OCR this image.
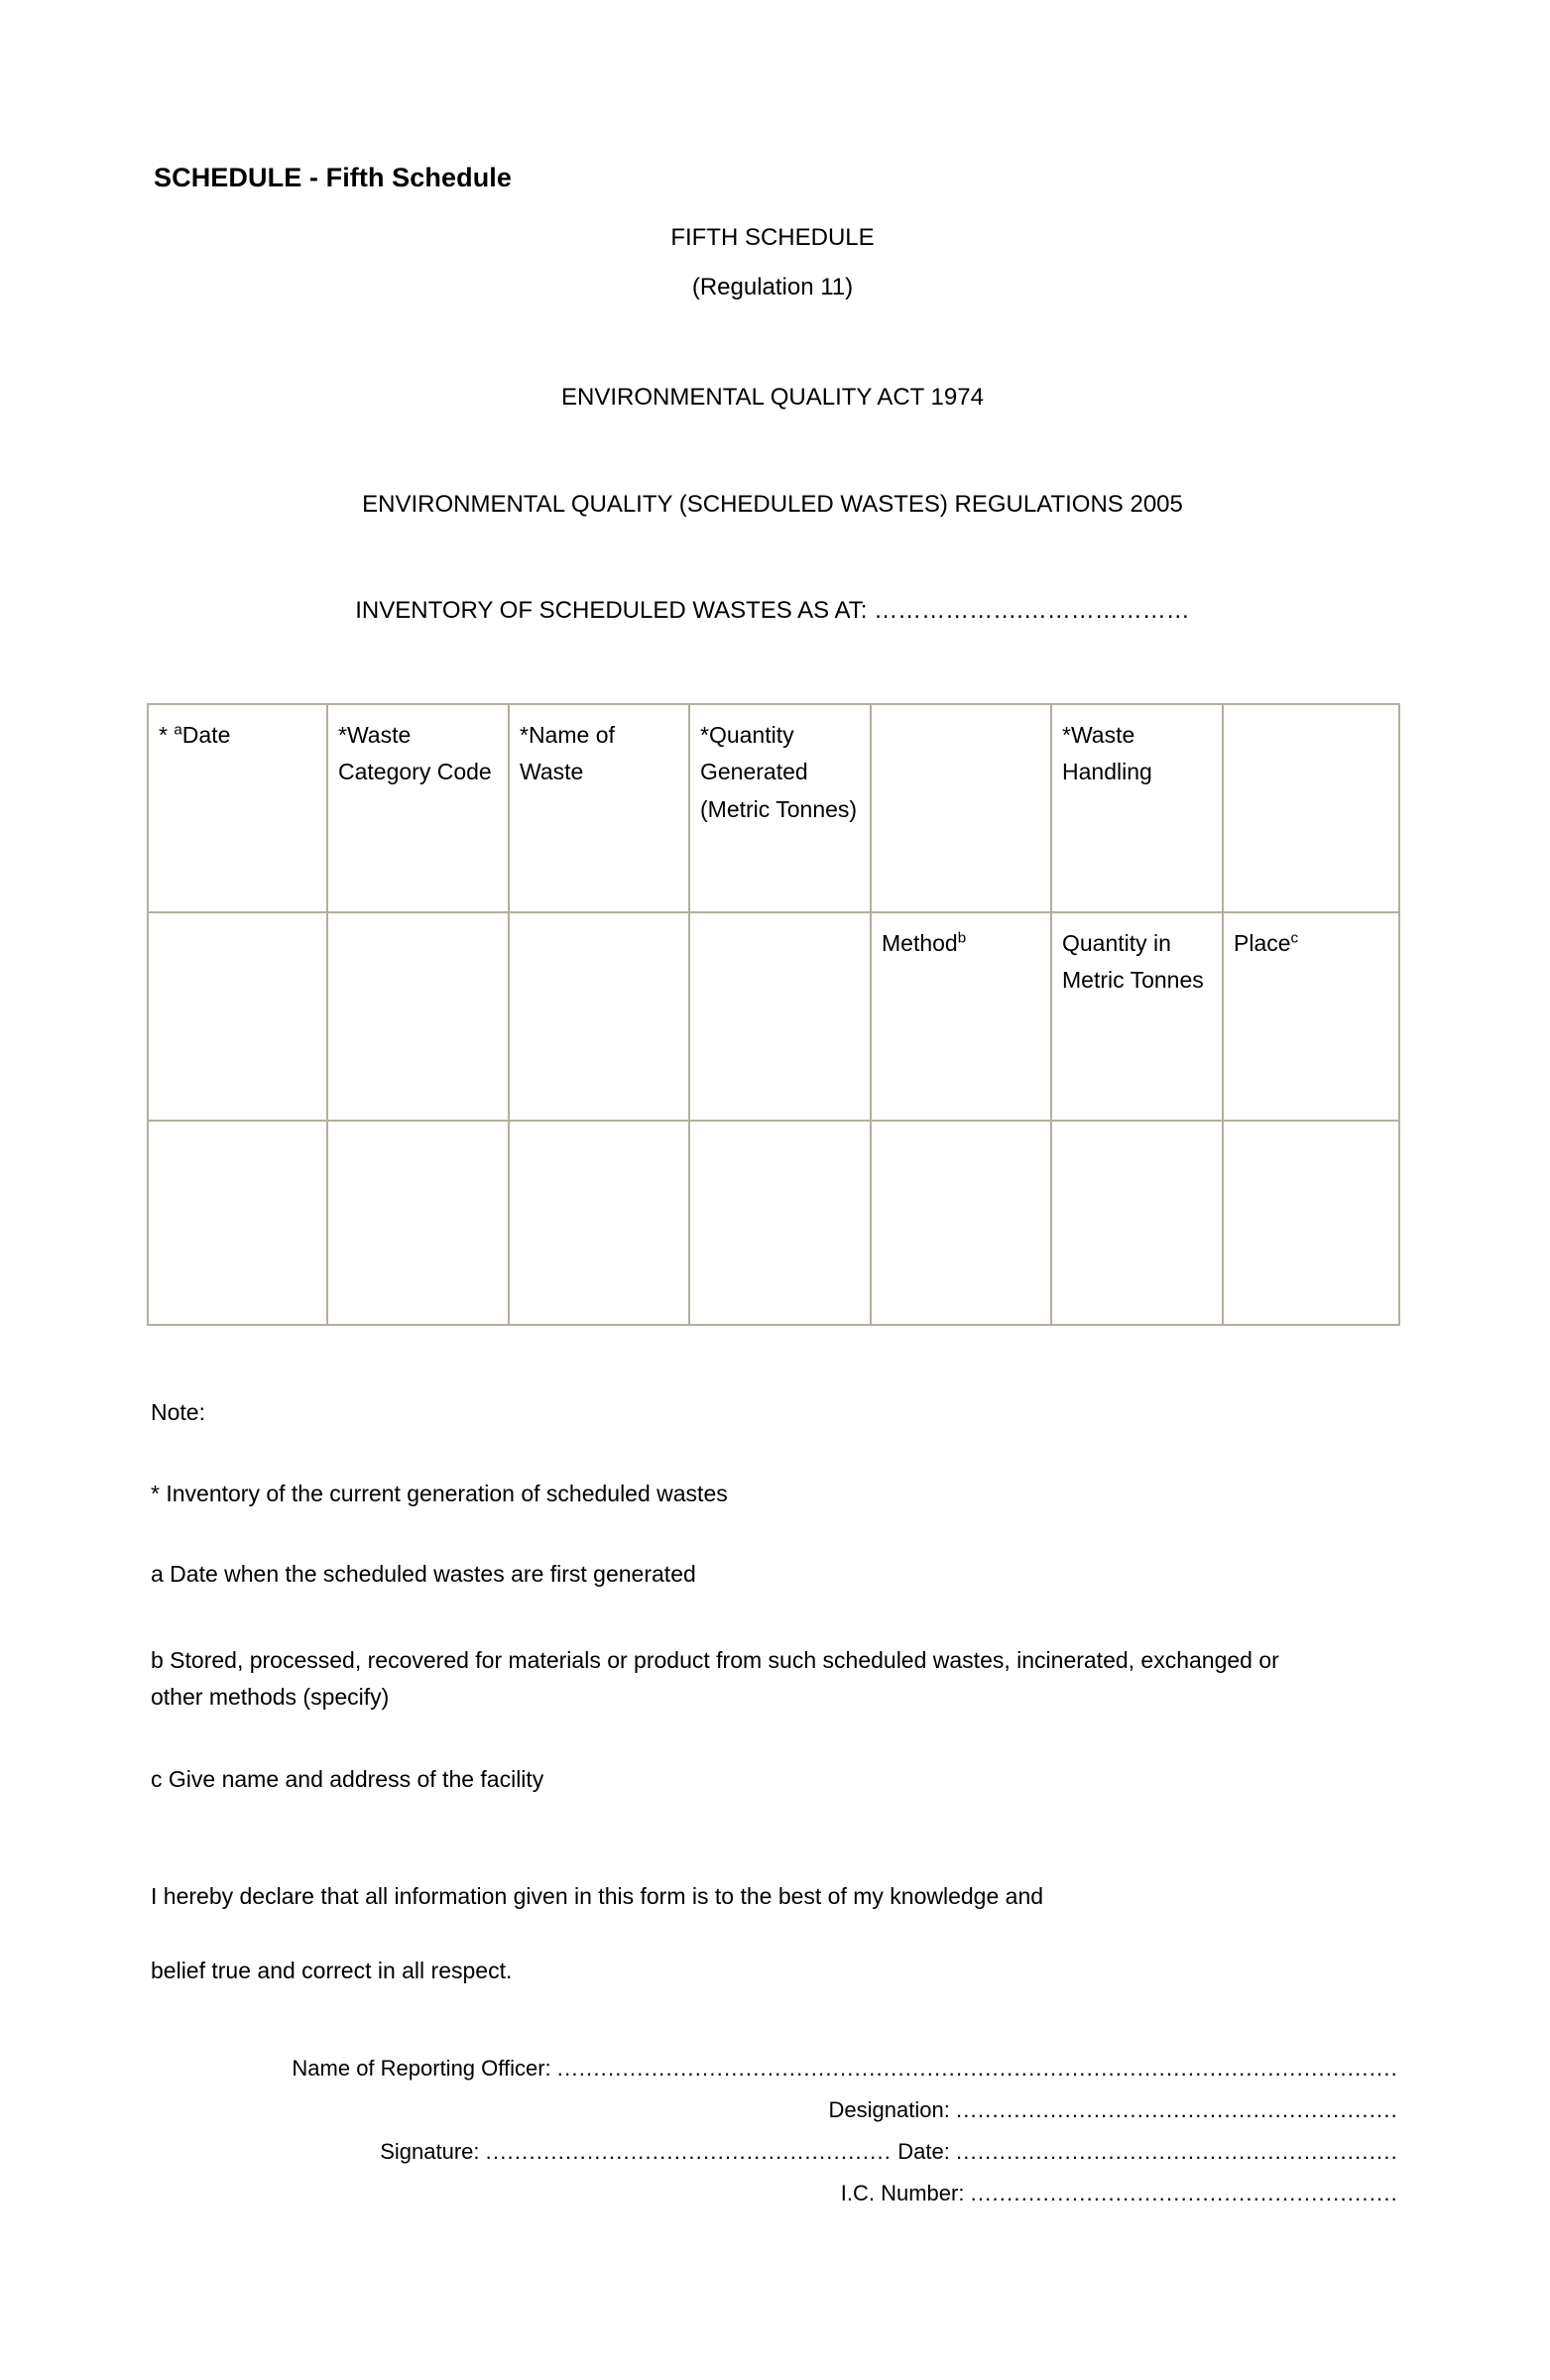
SCHEDULE - Fifth Schedule
FIFTH SCHEDULE
(Regulation 11)
ENVIRONMENTAL QUALITY ACT 1974
ENVIRONMENTAL QUALITY (SCHEDULED WASTES) REGULATIONS 2005
INVENTORY OF SCHEDULED WASTES AS AT: ……………….…………………
* $^a$Date	*Waste Category Code	*Name of Waste	*Quantity Generated (Metric Tonnes)		*Waste Handling	

				Method$^b$	Quantity in Metric Tonnes	Place$^c$

Note:
* Inventory of the current generation of scheduled wastes
a Date when the scheduled wastes are first generated
b Stored, processed, recovered for materials or product from such scheduled wastes, incinerated, exchanged or other methods (specify)
c Give name and address of the facility
I hereby declare that all information given in this form is to the best of my knowledge and
belief true and correct in all respect.
Name of Reporting Officer: ....................................................................................................................
Designation: .............................................................
Signature: ........................................................ Date: .............................................................
I.C. Number: ...........................................................
